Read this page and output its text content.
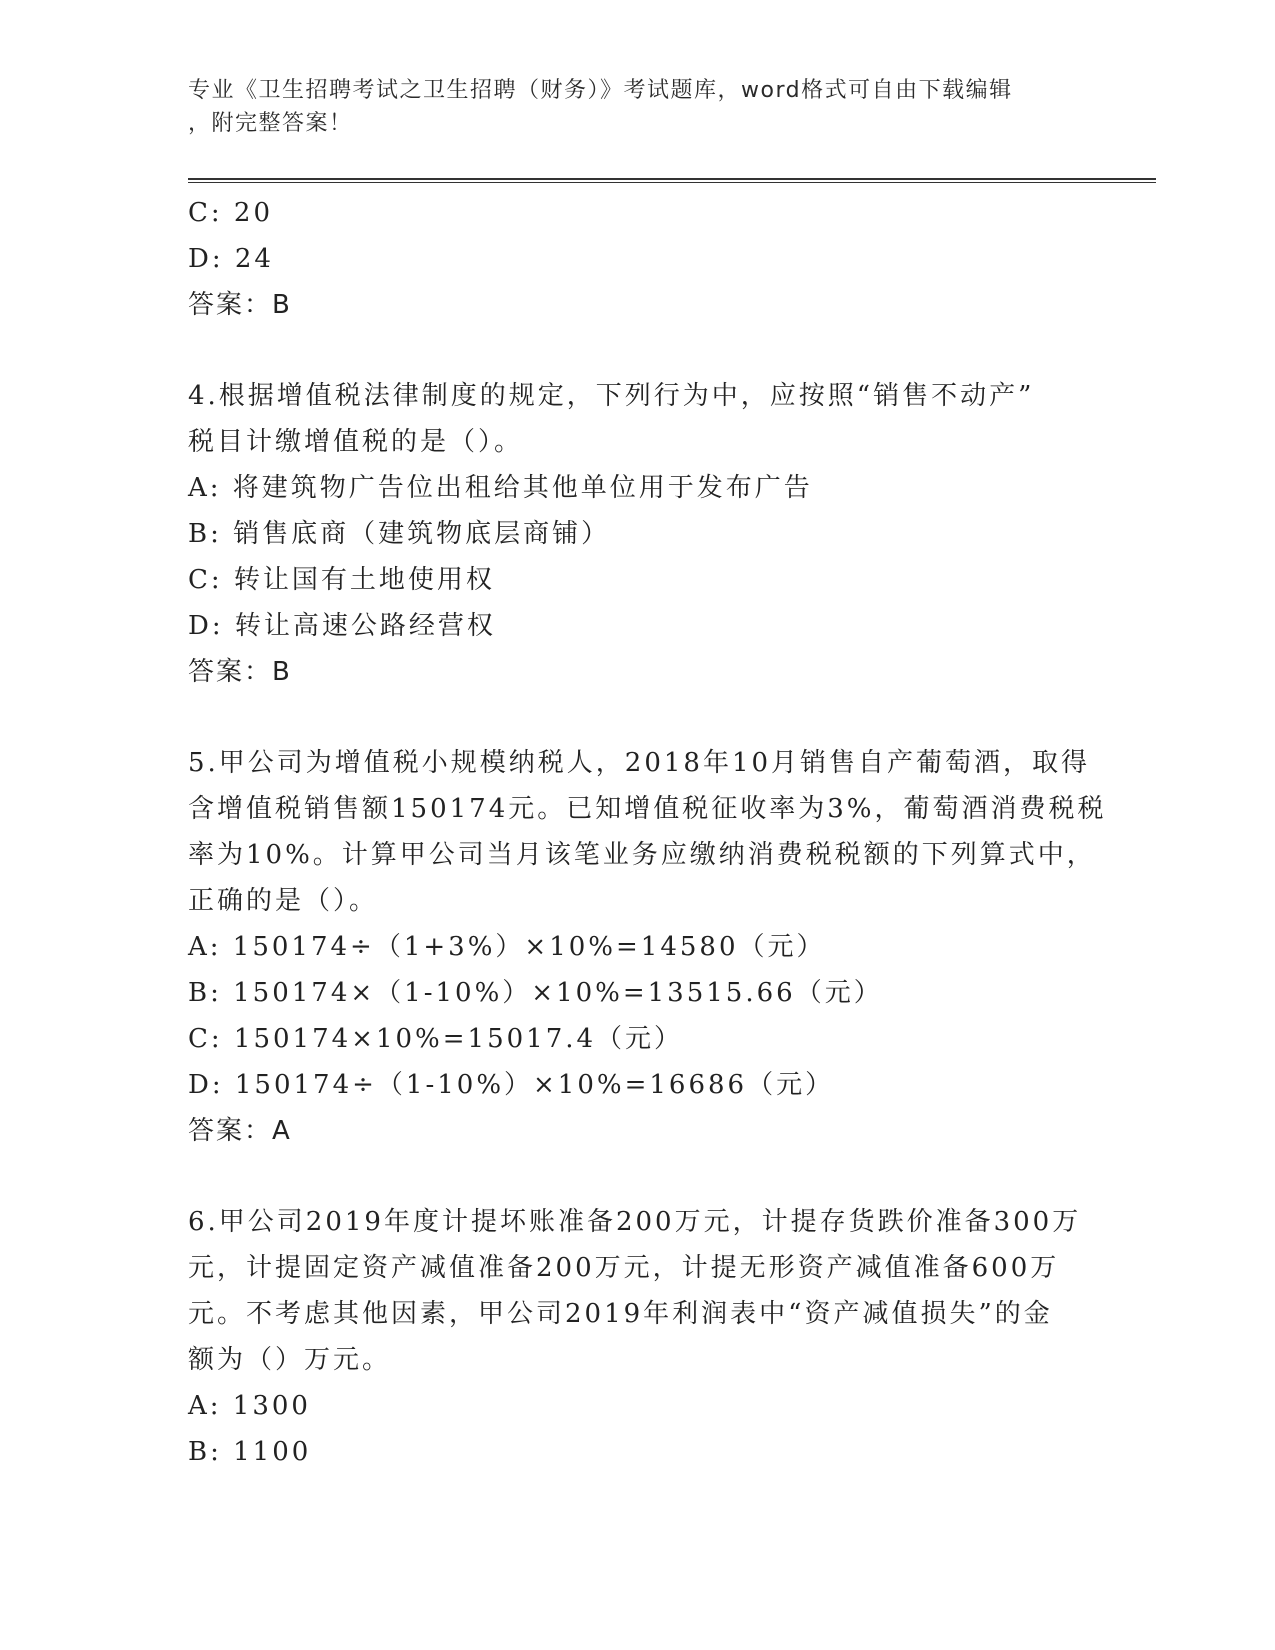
专业《卫生招聘考试之卫生招聘（财务）》考试题库，word格式可自由下载编辑
，附完整答案！
C: 20
D: 24
答案：B
4.根据增值税法律制度的规定，下列行为中，应按照“销售不动产”
税目计缴增值税的是（）。
A: 将建筑物广告位出租给其他单位用于发布广告
B: 销售底商（建筑物底层商铺）
C: 转让国有土地使用权
D: 转让高速公路经营权
答案：B
5.甲公司为增值税小规模纳税人，2018年10月销售自产葡萄酒，取得
含增值税销售额150174元。已知增值税征收率为3%，葡萄酒消费税税
率为10%。计算甲公司当月该笔业务应缴纳消费税税额的下列算式中，
正确的是（）。
A: 150174÷（1+3%）×10%=14580（元）
B: 150174×（1-10%）×10%=13515.66（元）
C: 150174×10%=15017.4（元）
D: 150174÷（1-10%）×10%=16686（元）
答案：A
6.甲公司2019年度计提坏账准备200万元，计提存货跌价准备300万
元，计提固定资产减值准备200万元，计提无形资产减值准备600万
元。不考虑其他因素，甲公司2019年利润表中“资产减值损失”的金
额为（）万元。
A: 1300
B: 1100
